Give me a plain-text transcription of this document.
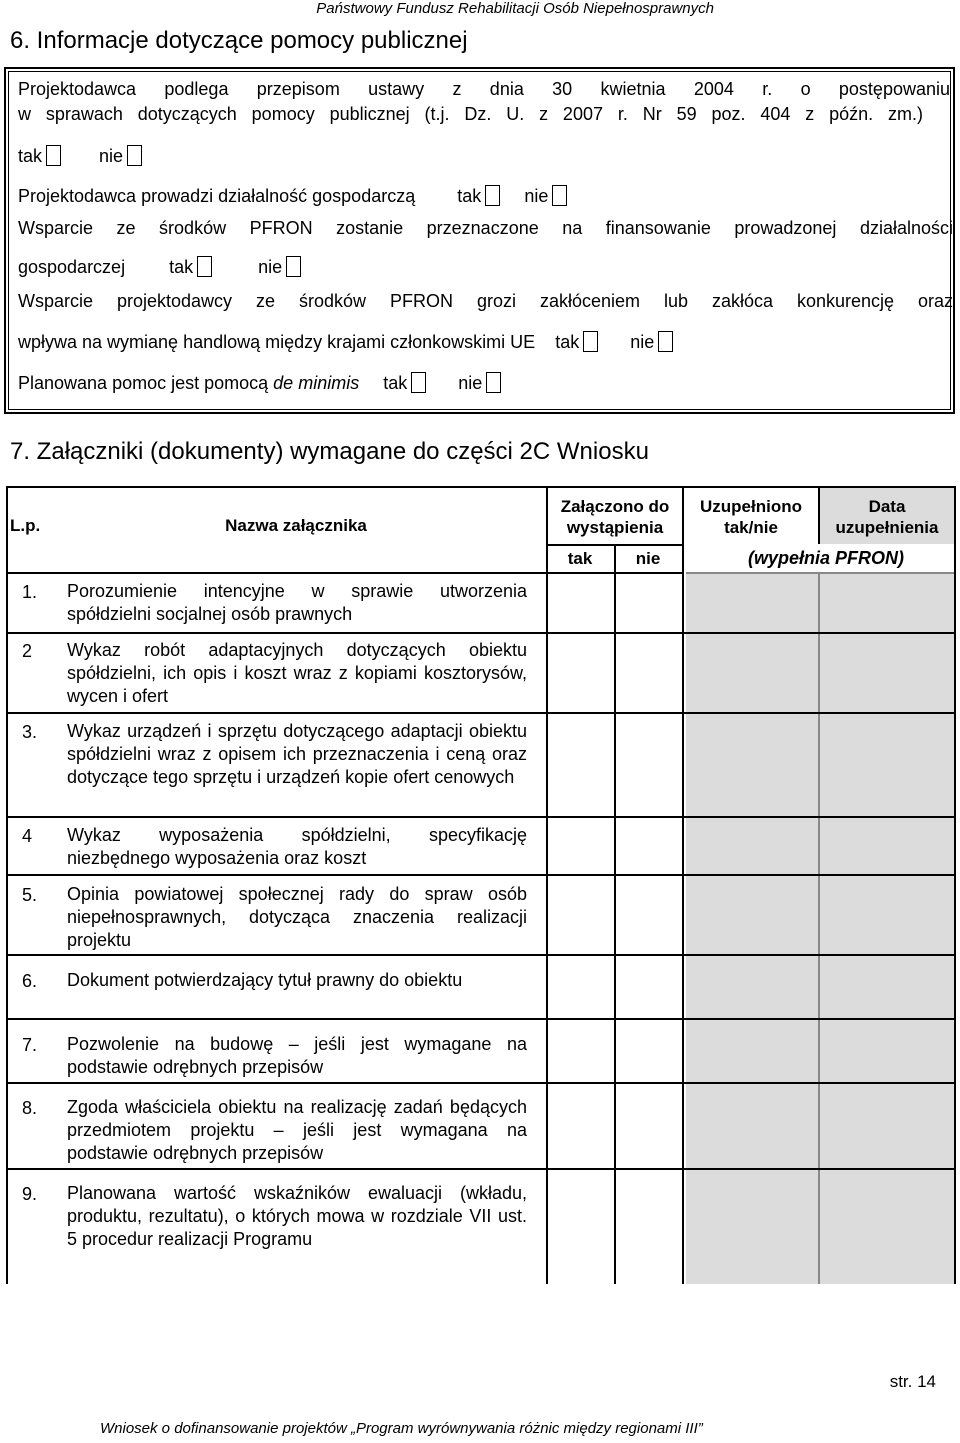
Państwowy Fundusz Rehabilitacji Osób Niepełnosprawnych
6. Informacje dotyczące pomocy publicznej
Projektodawca podlega przepisom ustawy z dnia 30 kwietnia 2004 r. o postępowaniu
w sprawach dotyczących pomocy publicznej (t.j. Dz. U. z 2007 r. Nr 59 poz. 404 z późn. zm.)
tak	nie
Projektodawca prowadzi działalność gospodarczą tak nie
Wsparcie ze środków PFRON zostanie przeznaczone na finansowanie prowadzonej działalności
gospodarczej tak	nie
Wsparcie projektodawcy ze środków PFRON grozi zakłóceniem lub zakłóca konkurencję oraz
wpływa na wymianę handlową między krajami członkowskimi UE tak	nie
Planowana pomoc jest pomocą de minimis tak	nie
7. Załączniki (dokumenty) wymagane do części 2C Wniosku
L.p.	Nazwa załącznika
Załączono do wystąpienia
Uzupełniono tak/nie
Data uzupełnienia
tak	nie	(wypełnia PFRON)
1. Porozumienie intencyjne w sprawie utworzenia spółdzielni socjalnej osób prawnych
2 Wykaz robót adaptacyjnych dotyczących obiektu spółdzielni, ich opis i koszt wraz z kopiami kosztorysów, wycen i ofert
3. Wykaz urządzeń i sprzętu dotyczącego adaptacji obiektu spółdzielni wraz z opisem ich przeznaczenia i ceną oraz dotyczące tego sprzętu i urządzeń kopie ofert cenowych
4 Wykaz wyposażenia spółdzielni, specyfikację niezbędnego wyposażenia oraz koszt
5. Opinia powiatowej społecznej rady do spraw osób niepełnosprawnych, dotycząca znaczenia realizacji projektu
6. Dokument potwierdzający tytuł prawny do obiektu
7. Pozwolenie na budowę – jeśli jest wymagane na podstawie odrębnych przepisów
8. Zgoda właściciela obiektu na realizację zadań będących przedmiotem projektu – jeśli jest wymagana na podstawie odrębnych przepisów
9. Planowana wartość wskaźników ewaluacji (wkładu, produktu, rezultatu), o których mowa w rozdziale VII ust. 5 procedur realizacji Programu
str. 14
Wniosek o dofinansowanie projektów „Program wyrównywania różnic między regionami III”
